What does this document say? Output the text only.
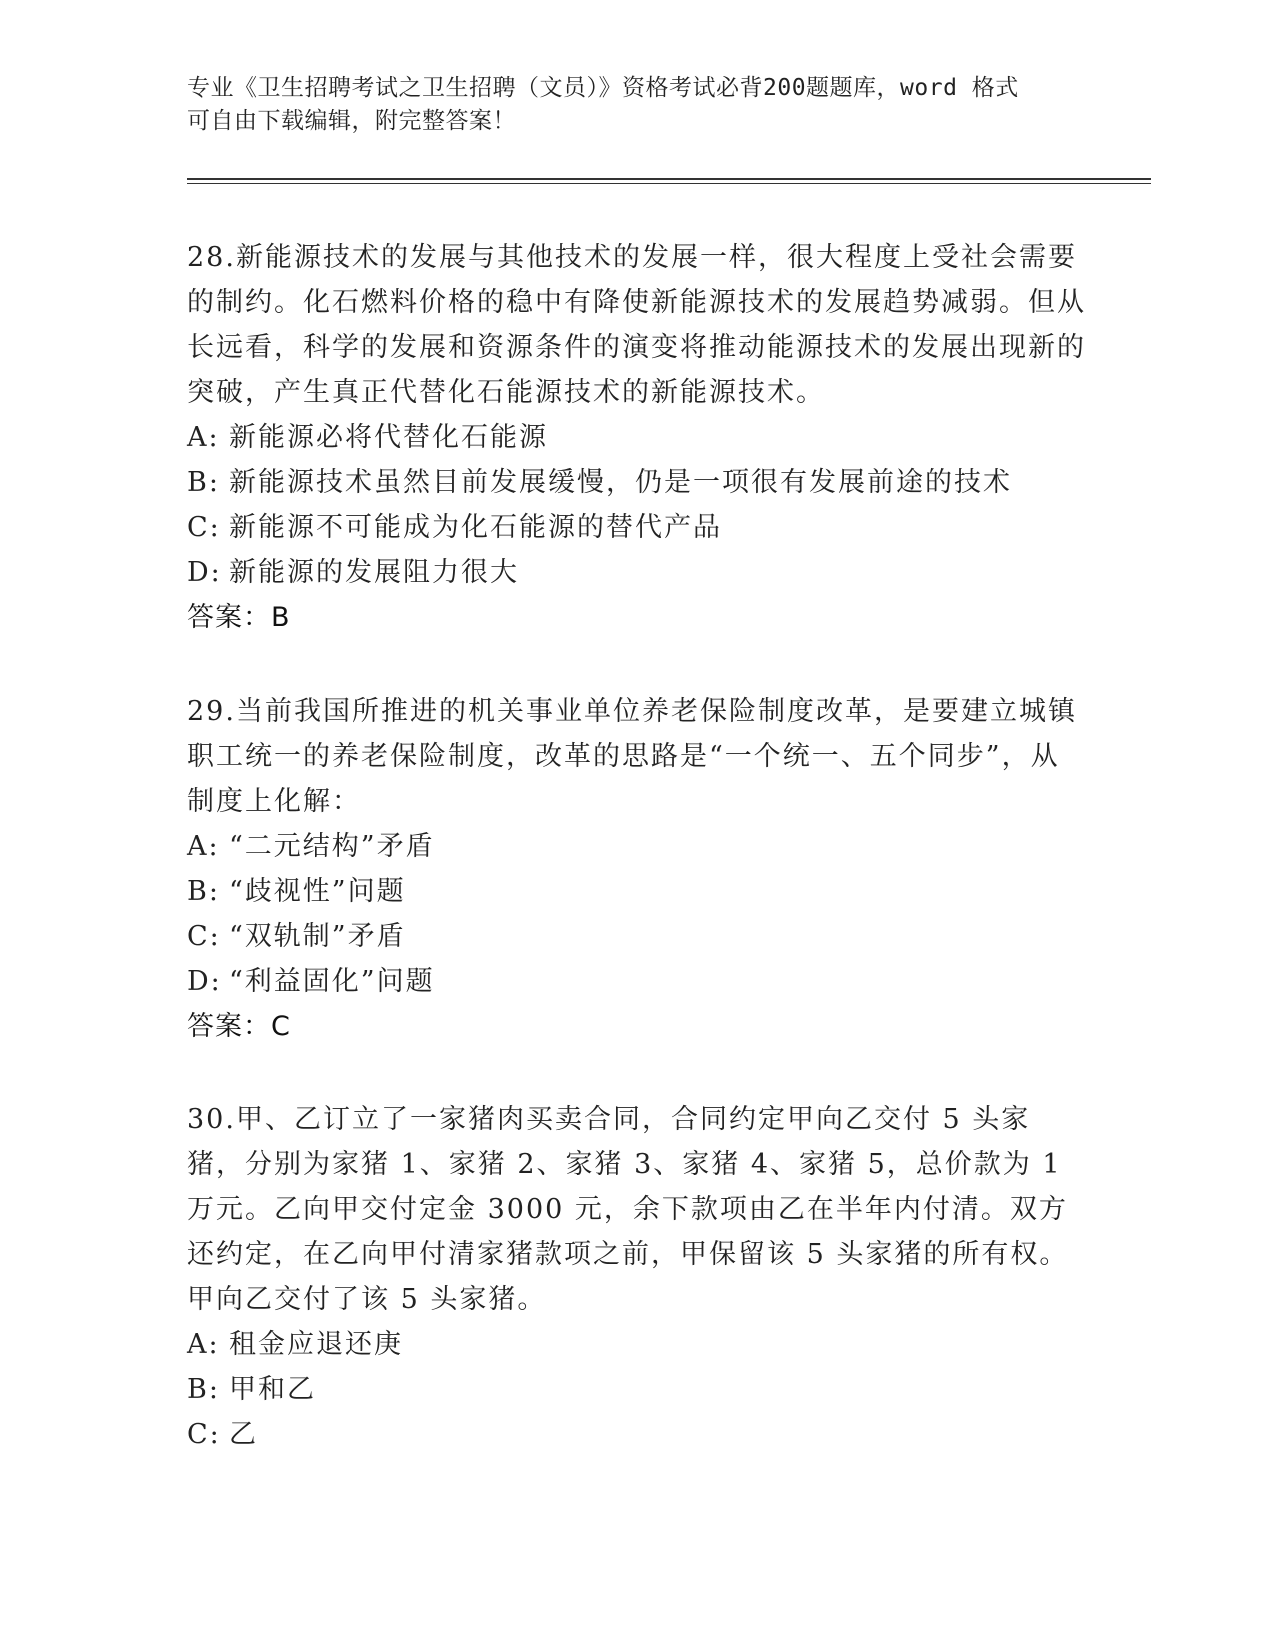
专业《卫生招聘考试之卫生招聘（文员）》资格考试必背200题题库，word 格式
可自由下载编辑，附完整答案！

28.新能源技术的发展与其他技术的发展一样，很大程度上受社会需要的制约。化石燃料价格的稳中有降使新能源技术的发展趋势减弱。但从长远看，科学的发展和资源条件的演变将推动能源技术的发展出现新的突破，产生真正代替化石能源技术的新能源技术。

A: 新能源必将代替化石能源
B: 新能源技术虽然目前发展缓慢，仍是一项很有发展前途的技术
C: 新能源不可能成为化石能源的替代产品
D: 新能源的发展阻力很大
答案：B

29.当前我国所推进的机关事业单位养老保险制度改革，是要建立城镇职工统一的养老保险制度，改革的思路是“一个统一、五个同步”，从制度上化解：

A: “二元结构”矛盾
B: “歧视性”问题
C: “双轨制”矛盾
D: “利益固化”问题
答案：C

30.甲、乙订立了一家猪肉买卖合同，合同约定甲向乙交付 5 头家猪，分别为家猪 1、家猪 2、家猪 3、家猪 4、家猪 5，总价款为 1 万元。乙向甲交付定金 3000 元，余下款项由乙在半年内付清。双方还约定，在乙向甲付清家猪款项之前，甲保留该 5 头家猪的所有权。甲向乙交付了该 5 头家猪。

A: 租金应退还庚
B: 甲和乙
C: 乙
